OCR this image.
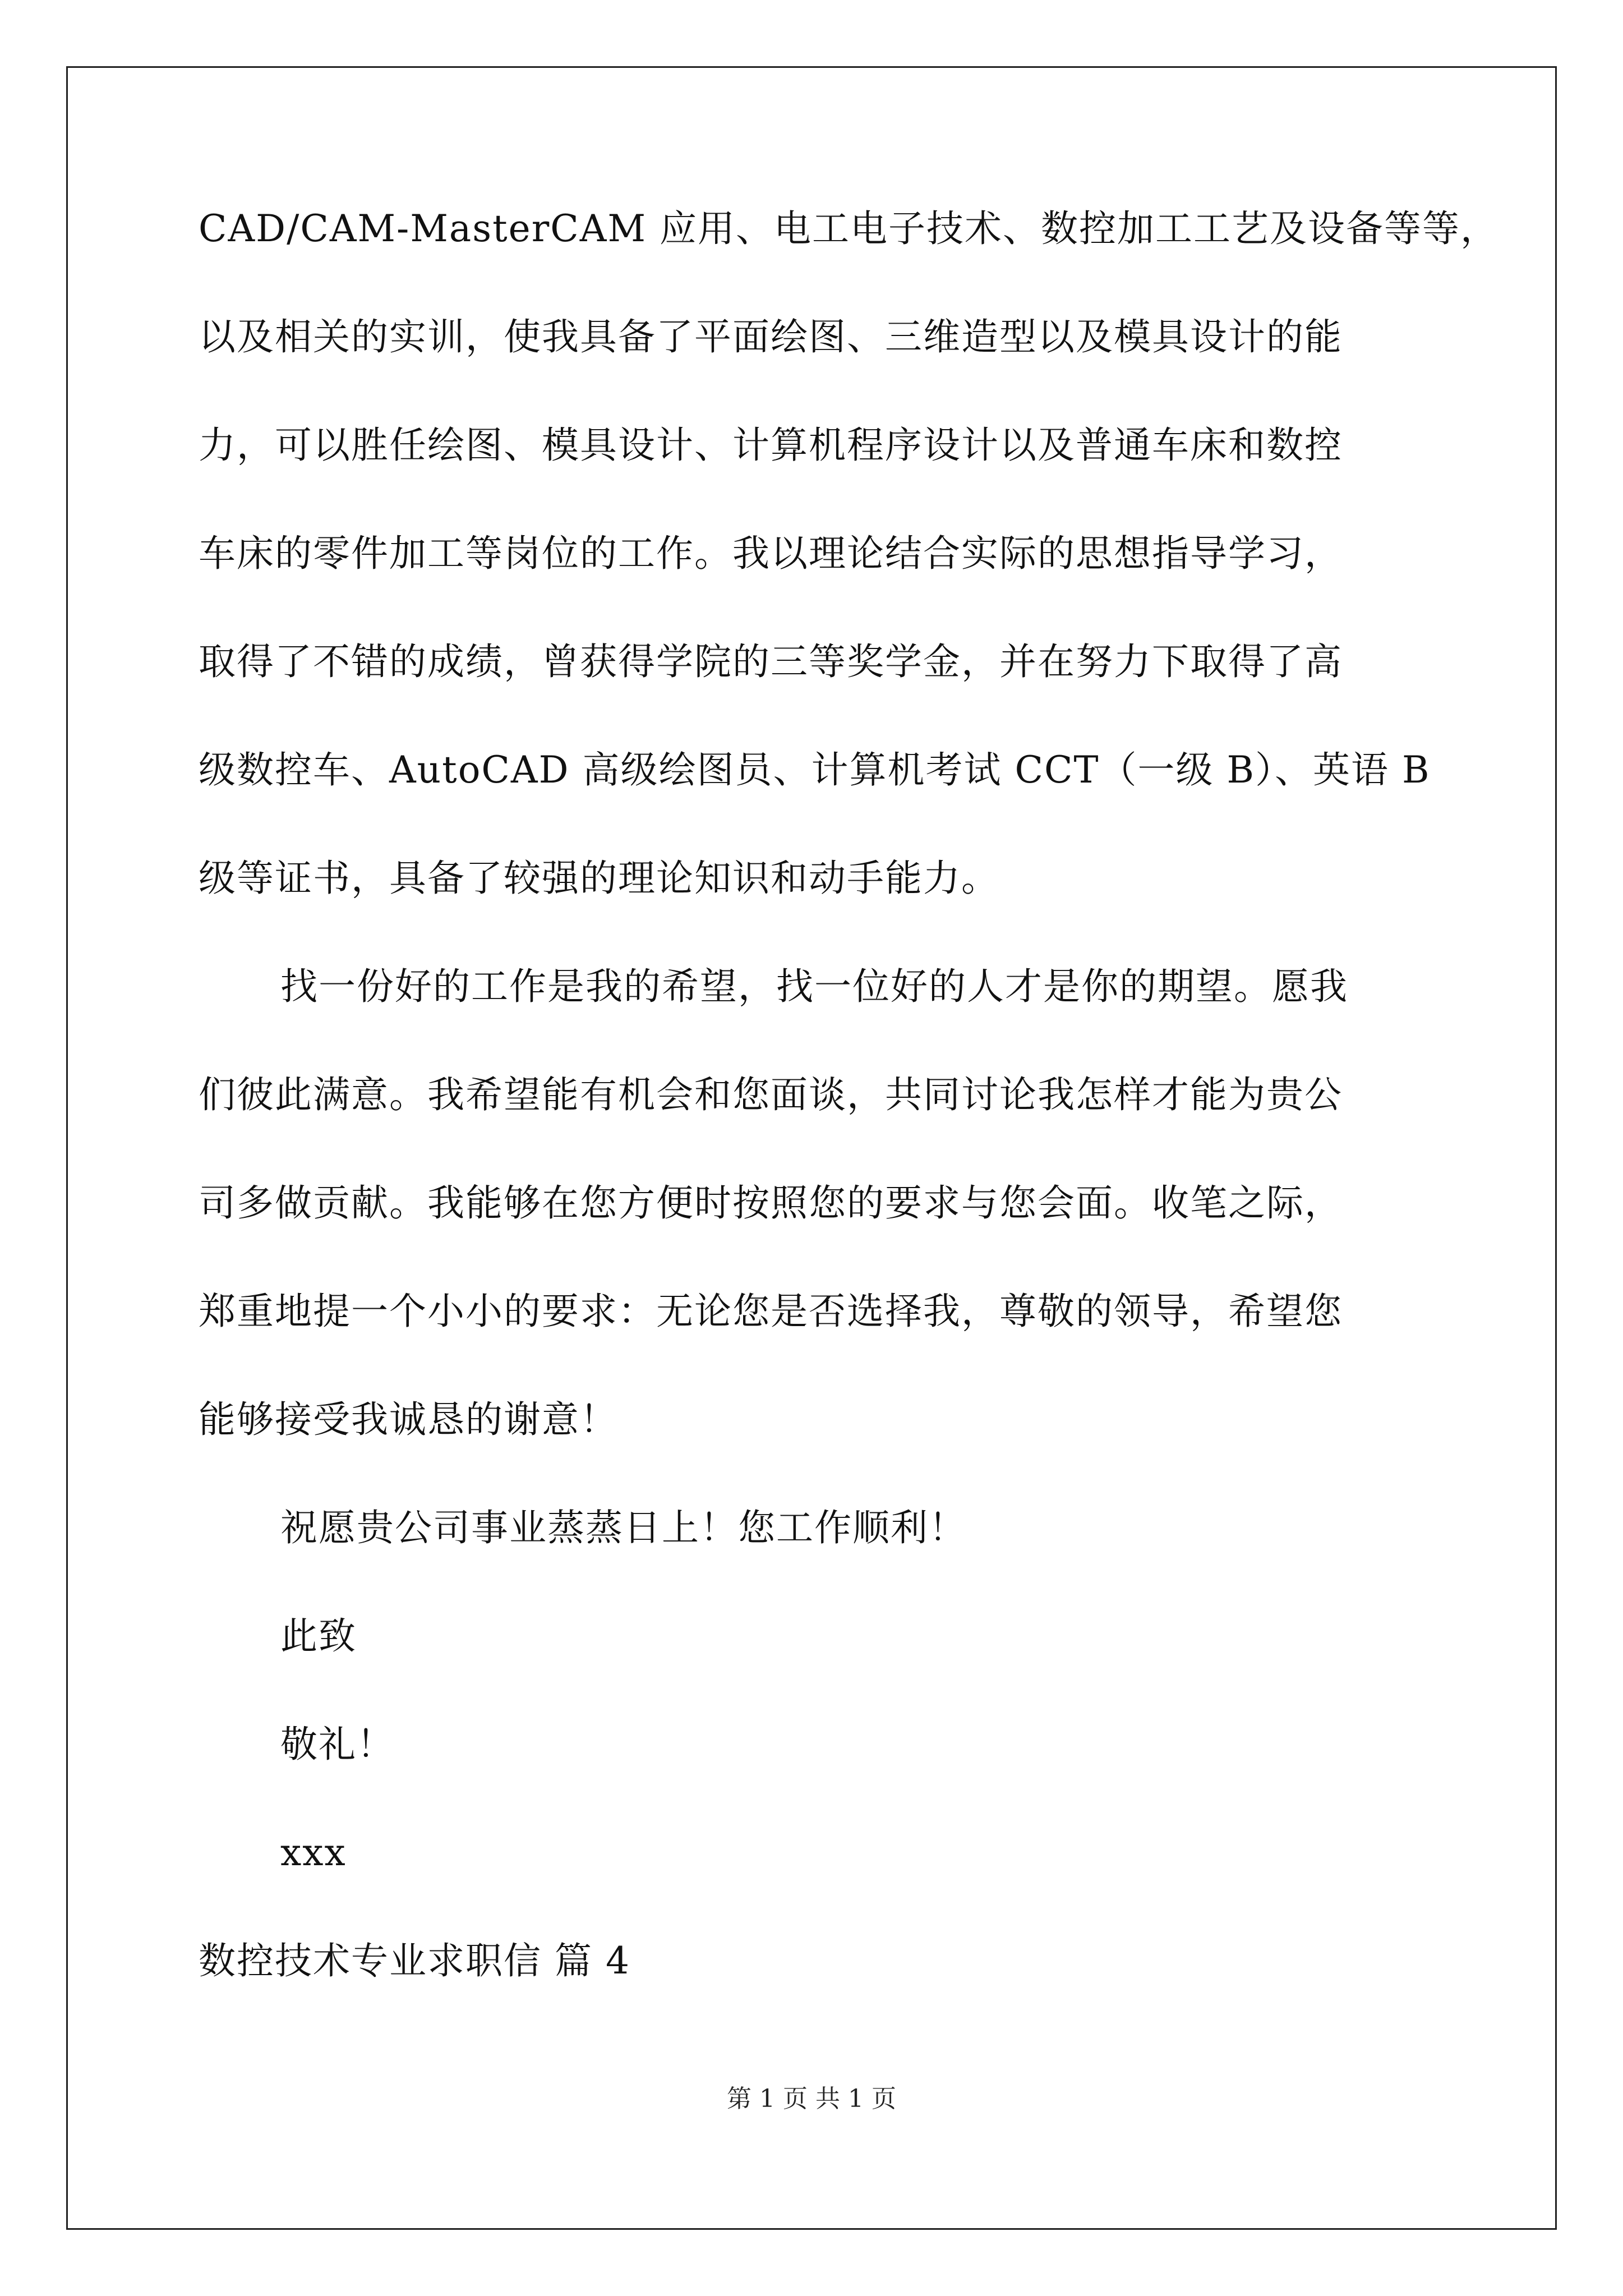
CAD/CAM-MasterCAM 应用、电工电子技术、数控加工工艺及设备等等，
以及相关的实训，使我具备了平面绘图、三维造型以及模具设计的能
力，可以胜任绘图、模具设计、计算机程序设计以及普通车床和数控
车床的零件加工等岗位的工作。我以理论结合实际的思想指导学习，
取得了不错的成绩，曾获得学院的三等奖学金，并在努力下取得了高
级数控车、AutoCAD 高级绘图员、计算机考试 CCT（一级 B）、英语 B
级等证书，具备了较强的理论知识和动手能力。
找一份好的工作是我的希望，找一位好的人才是你的期望。愿我
们彼此满意。我希望能有机会和您面谈，共同讨论我怎样才能为贵公
司多做贡献。我能够在您方便时按照您的要求与您会面。收笔之际，
郑重地提一个小小的要求：无论您是否选择我，尊敬的领导，希望您
能够接受我诚恳的谢意！
祝愿贵公司事业蒸蒸日上！您工作顺利！
此致
敬礼！
xxx
数控技术专业求职信 篇 4
第 1 页 共 1 页
